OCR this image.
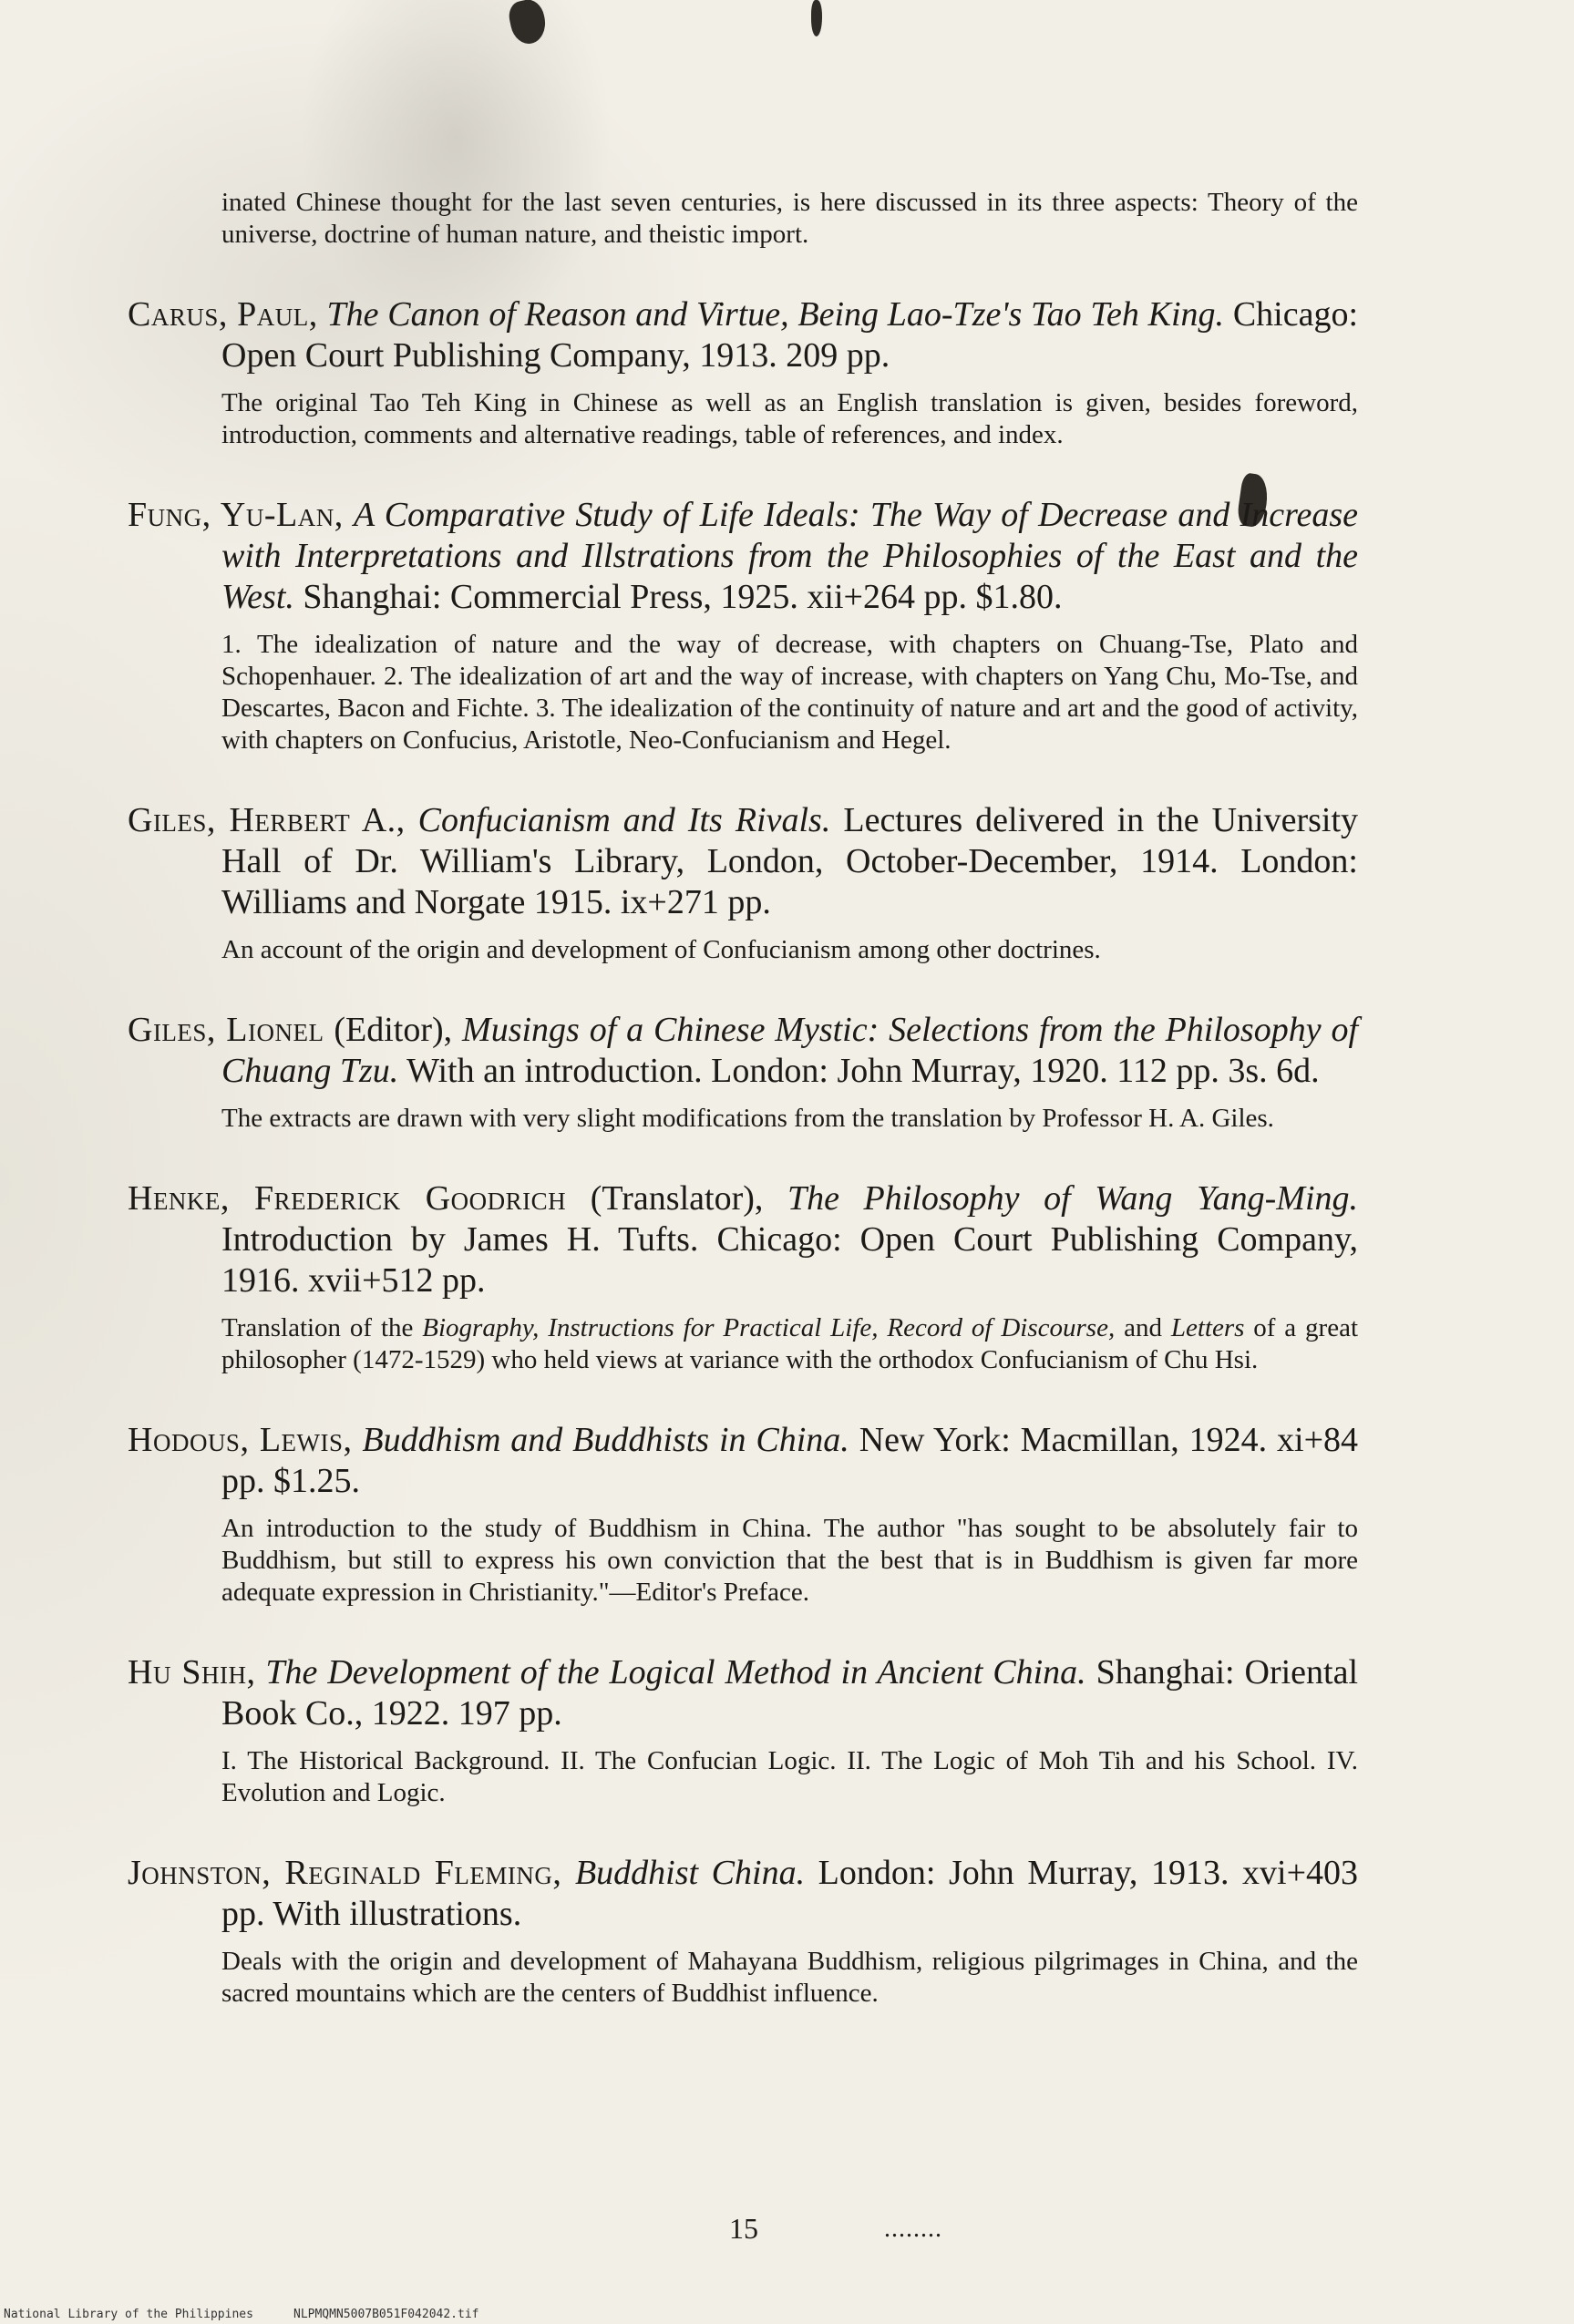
inated Chinese thought for the last seven centuries, is here discussed in its three aspects: Theory of the universe, doctrine of human nature, and theistic import.

Carus, Paul, The Canon of Reason and Virtue, Being Lao-Tze's Tao Teh King. Chicago: Open Court Publishing Company, 1913. 209 pp.

The original Tao Teh King in Chinese as well as an English translation is given, besides foreword, introduction, comments and alternative readings, table of references, and index.

Fung, Yu-Lan, A Comparative Study of Life Ideals: The Way of Decrease and Increase with Interpretations and Illstrations from the Philosophies of the East and the West. Shanghai: Commercial Press, 1925. xii+264 pp. $1.80.

1. The idealization of nature and the way of decrease, with chapters on Chuang-Tse, Plato and Schopenhauer. 2. The idealization of art and the way of increase, with chapters on Yang Chu, Mo-Tse, and Descartes, Bacon and Fichte. 3. The idealization of the continuity of nature and art and the good of activity, with chapters on Confucius, Aristotle, Neo-Confucianism and Hegel.

Giles, Herbert A., Confucianism and Its Rivals. Lectures delivered in the University Hall of Dr. William's Library, London, October-December, 1914. London: Williams and Norgate 1915. ix+271 pp.

An account of the origin and development of Confucianism among other doctrines.

Giles, Lionel (Editor), Musings of a Chinese Mystic: Selections from the Philosophy of Chuang Tzu. With an introduction. London: John Murray, 1920. 112 pp. 3s. 6d.

The extracts are drawn with very slight modifications from the translation by Professor H. A. Giles.

Henke, Frederick Goodrich (Translator), The Philosophy of Wang Yang-Ming. Introduction by James H. Tufts. Chicago: Open Court Publishing Company, 1916. xvii+512 pp.

Translation of the Biography, Instructions for Practical Life, Record of Discourse, and Letters of a great philosopher (1472-1529) who held views at variance with the orthodox Confucianism of Chu Hsi.

Hodous, Lewis, Buddhism and Buddhists in China. New York: Macmillan, 1924. xi+84 pp. $1.25.

An introduction to the study of Buddhism in China. The author "has sought to be absolutely fair to Buddhism, but still to express his own conviction that the best that is in Buddhism is given far more adequate expression in Christianity."—Editor's Preface.

Hu Shih, The Development of the Logical Method in Ancient China. Shanghai: Oriental Book Co., 1922. 197 pp.

I. The Historical Background. II. The Confucian Logic. II. The Logic of Moh Tih and his School. IV. Evolution and Logic.

Johnston, Reginald Fleming, Buddhist China. London: John Murray, 1913. xvi+403 pp. With illustrations.

Deals with the origin and development of Mahayana Buddhism, religious pilgrimages in China, and the sacred mountains which are the centers of Buddhist influence.

15	........
National Library of the Philippines	NLPMQMN5007B051F042042.tif
